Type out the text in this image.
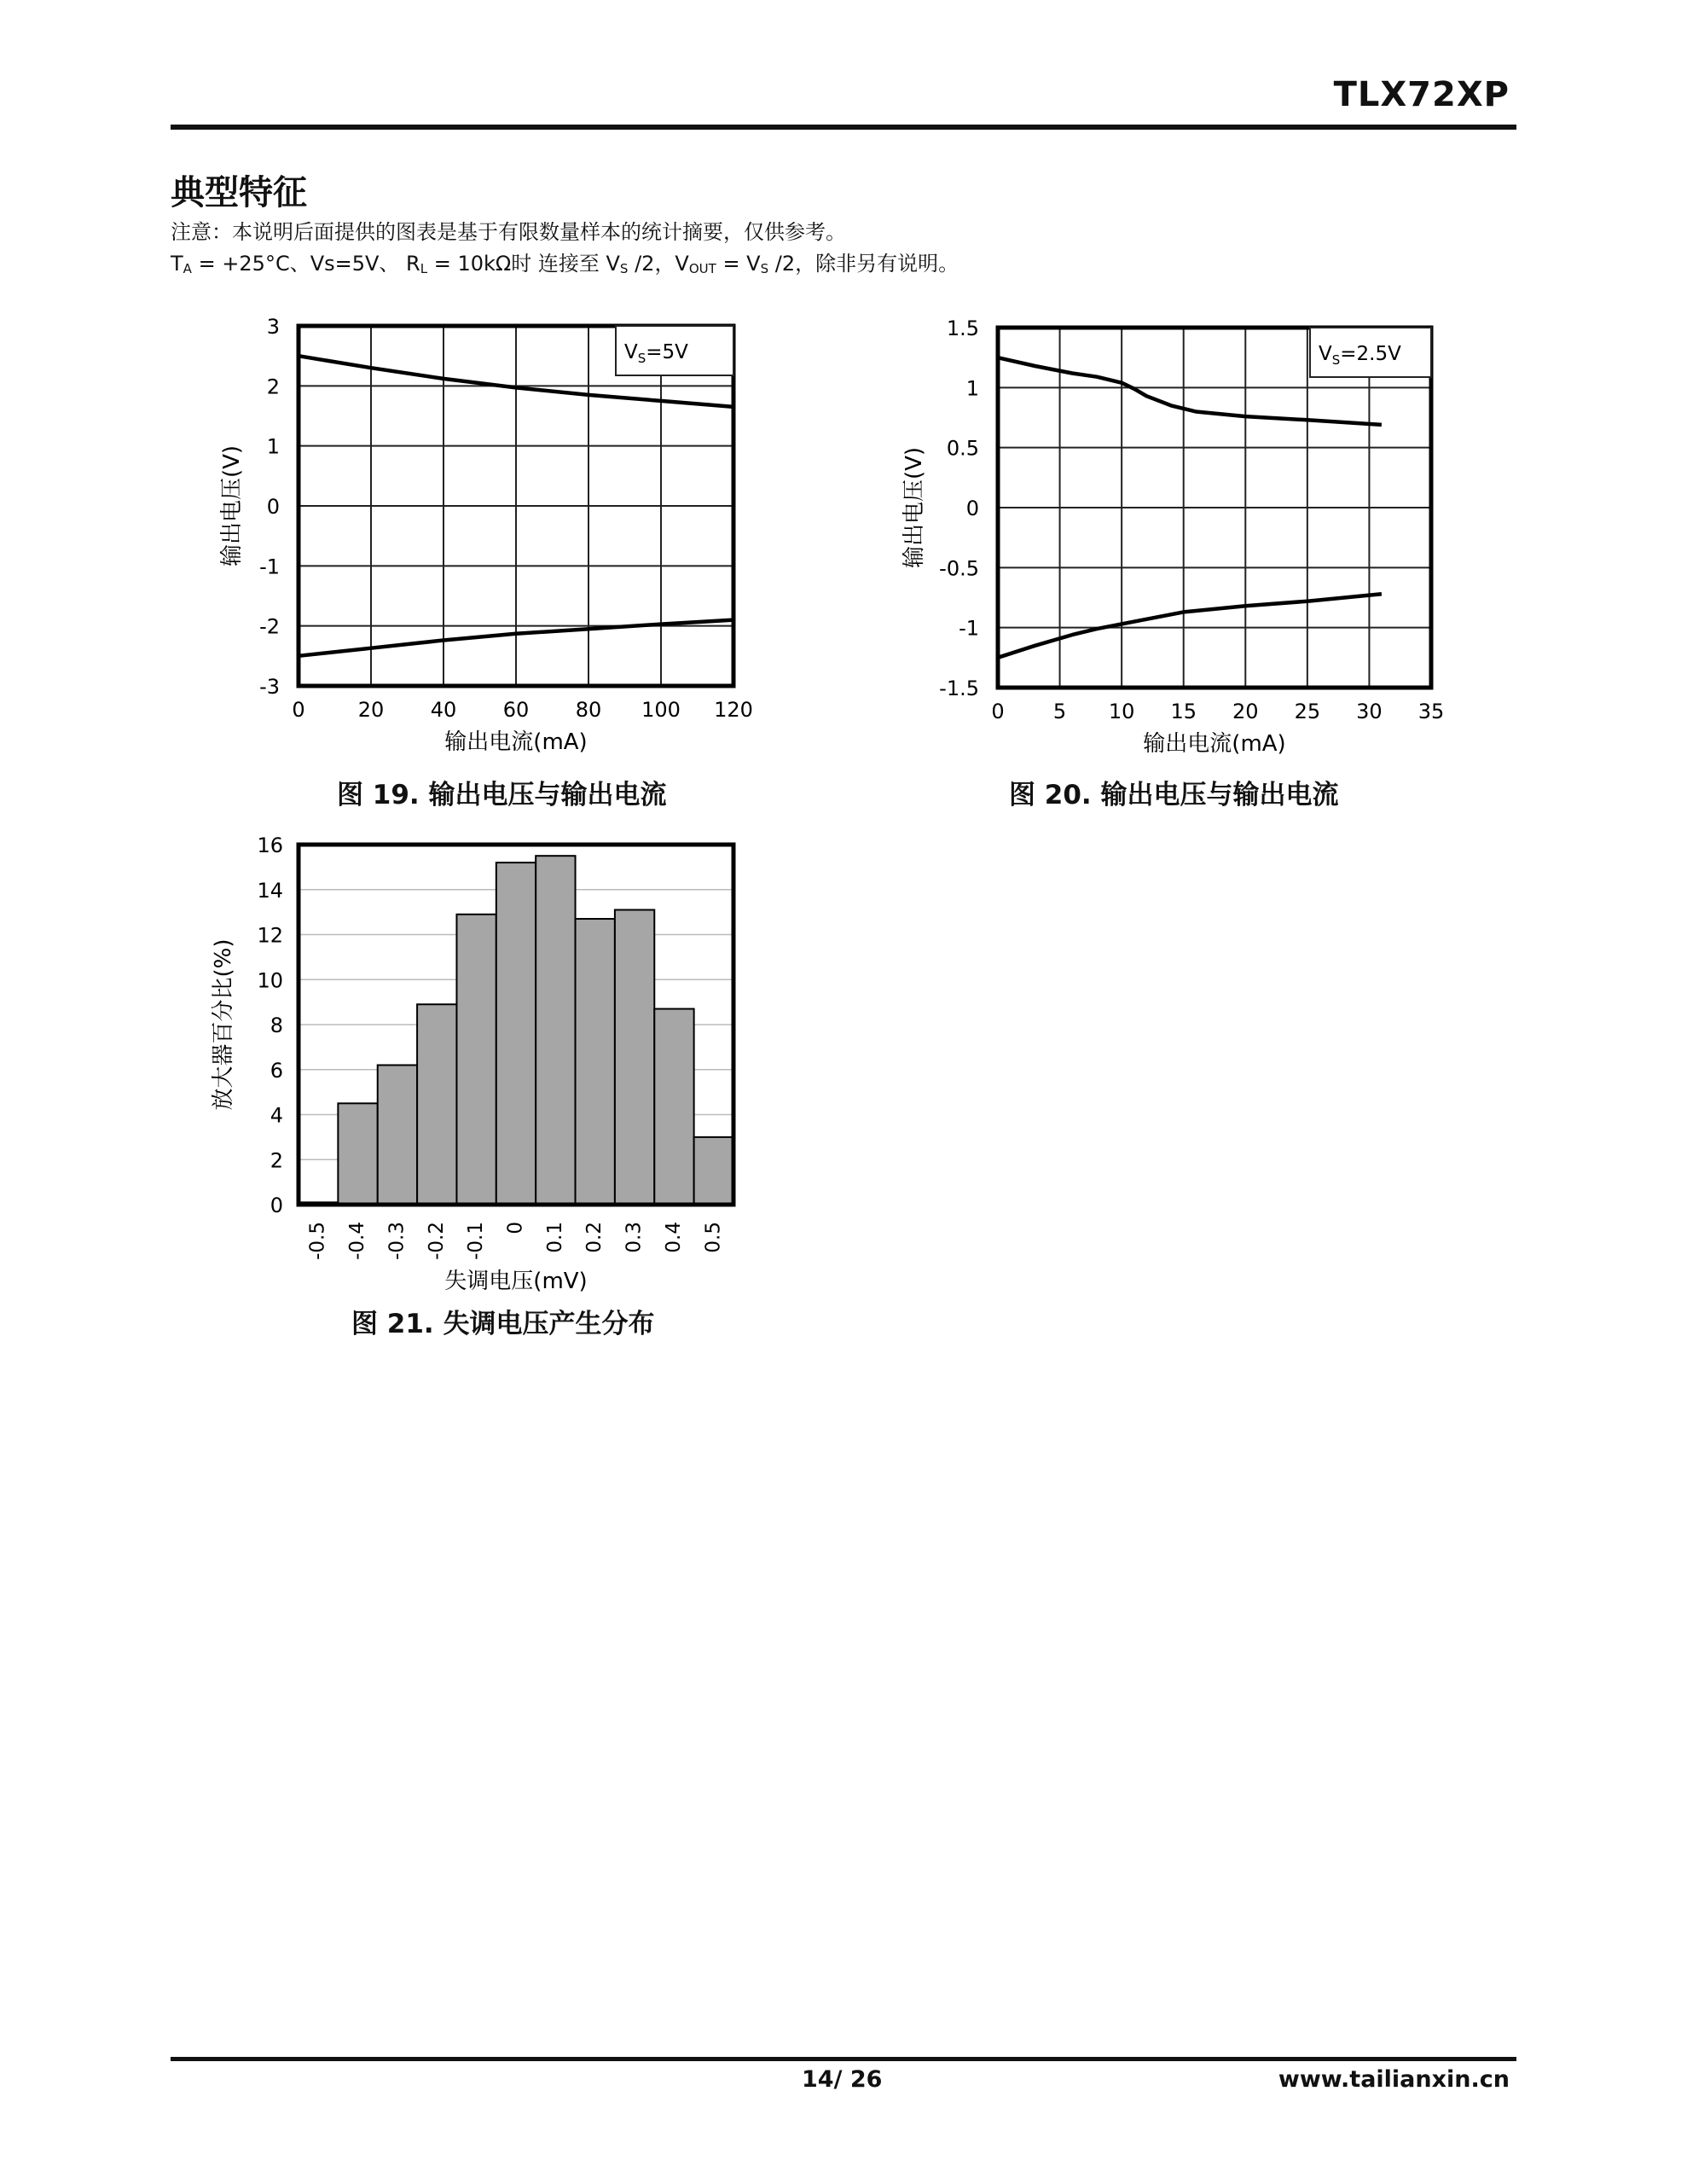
TLX72XP
典型特征
注意：本说明后面提供的图表是基于有限数量样本的统计摘要，仅供参考。
$T_A = +25^\circ C$、Vs=5V、 $R_L = 10k\Omega$时 连接至 $V_S$ /2，$V_{OUT} = V_S$ /2，除非另有说明。
0	20 40 60 80 100 120
3
2
1
0
-1
-2
-3
$V_S=5V$
输出电流(mA)
输出电压(V)
图 19. 输出电压与输出电流
0 5 10 15 20 25 30 35
1.5
1
0.5
0
-0.5
-1
-1.5
$V_S=2.5V$
输出电流(mA)
输出电压(V)
图 20. 输出电压与输出电流
16
14
12
10
8
6
4
2
0
-0.5 -0.4 -0.3 -0.2 -0.1 0 0.1 0.2 0.3 0.4 0.5
失调电压(mV)
放大器百分比(%)
图 21. 失调电压产生分布
14/ 26	www.tailianxin.cn
